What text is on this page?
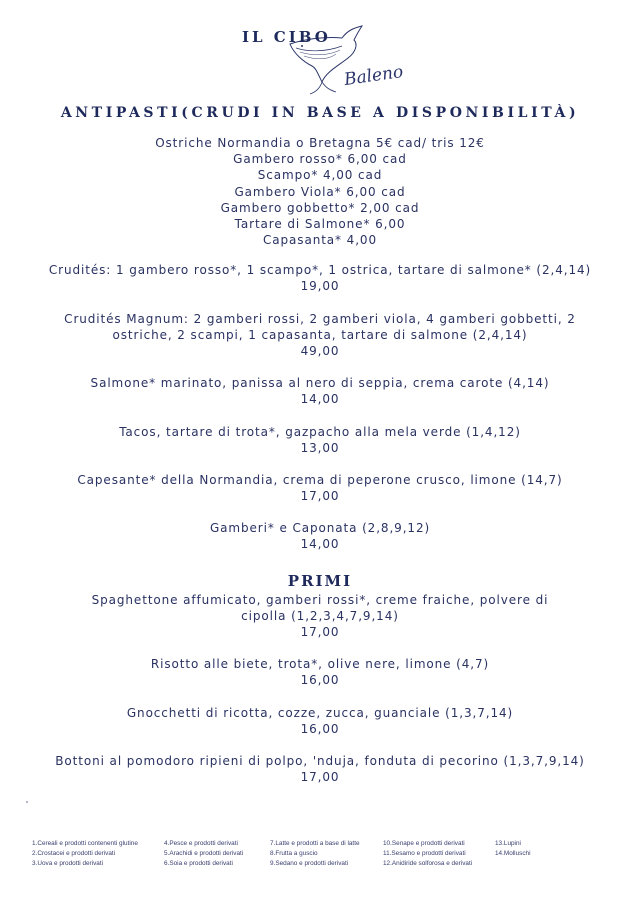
IL CIBO
Baleno
ANTIPASTI(CRUDI IN BASE A DISPONIBILITÀ)
Ostriche Normandia o Bretagna 5€ cad/ tris 12€
Gambero rosso* 6,00 cad
Scampo* 4,00 cad
Gambero Viola* 6,00 cad
Gambero gobbetto* 2,00 cad
Tartare di Salmone* 6,00
Capasanta* 4,00
Crudités: 1 gambero rosso*, 1 scampo*, 1 ostrica, tartare di salmone* (2,4,14)
19,00
Crudités Magnum: 2 gamberi rossi, 2 gamberi viola, 4 gamberi gobbetti, 2 ostriche, 2 scampi, 1 capasanta, tartare di salmone (2,4,14)
49,00
Salmone* marinato, panissa al nero di seppia, crema carote (4,14)
14,00
Tacos, tartare di trota*, gazpacho alla mela verde (1,4,12)
13,00
Capesante* della Normandia, crema di peperone crusco, limone (14,7)
17,00
Gamberi* e Caponata (2,8,9,12)
14,00
PRIMI
Spaghettone affumicato, gamberi rossi*, creme fraiche, polvere di cipolla (1,2,3,4,7,9,14)
17,00
Risotto alle biete, trota*, olive nere, limone (4,7)
16,00
Gnocchetti di ricotta, cozze, zucca, guanciale (1,3,7,14)
16,00
Bottoni al pomodoro ripieni di polpo, 'nduja, fonduta di pecorino (1,3,7,9,14)
17,00
1.Cereali e prodotti contenenti glutine
2.Crostacei e prodotti derivati
3.Uova e prodotti derivati
4.Pesce e prodotti derivati
5.Arachidi e prodotti derivati
6.Soia e prodotti derivati
7.Latte e prodotti a base di latte
8.Frutta a guscio
9.Sedano e prodotti derivati
10.Senape e prodotti derivati
11.Sesamo e prodotti derivati
12.Anidiride solforosa e derivati
13.Lupini
14.Molluschi
